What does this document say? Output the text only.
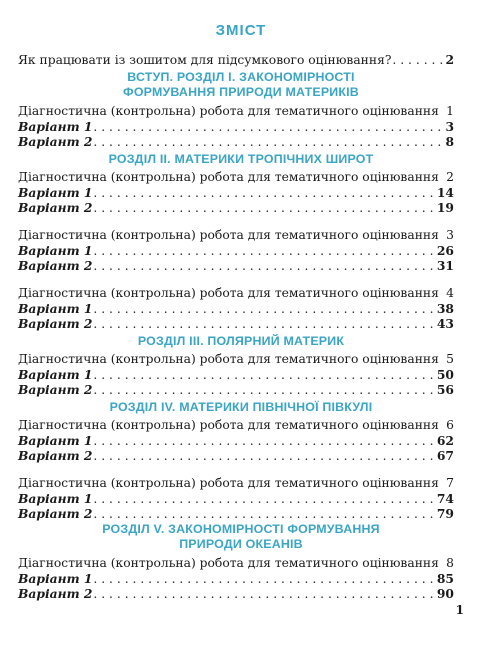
ЗМІСТ
Як працювати із зошитом для підсумкового оцінювання? . . .	2
ВСТУП. РОЗДІЛ І. ЗАКОНОМІРНОСТІ
ФОРМУВАННЯ ПРИРОДИ МАТЕРИКІВ
Діагностична (контрольна) робота для тематичного оцінювання 1
Варіант 1 . . .	3
Варіант 2 . . .	8
РОЗДІЛ ІІ. МАТЕРИКИ ТРОПІЧНИХ ШИРОТ
Діагностична (контрольна) робота для тематичного оцінювання 2
Варіант 1 . . .	14
Варіант 2 . . .	19
Діагностична (контрольна) робота для тематичного оцінювання 3
Варіант 1 . . .	26
Варіант 2 . . .	31
Діагностична (контрольна) робота для тематичного оцінювання 4
Варіант 1 . . .	38
Варіант 2 . . .	43
РОЗДІЛ ІІІ. ПОЛЯРНИЙ МАТЕРИК
Діагностична (контрольна) робота для тематичного оцінювання 5
Варіант 1 . . .	50
Варіант 2 . . .	56
РОЗДІЛ IV. МАТЕРИКИ ПІВНІЧНОЇ ПІВКУЛІ
Діагностична (контрольна) робота для тематичного оцінювання 6
Варіант 1 . . .	62
Варіант 2 . . .	67
Діагностична (контрольна) робота для тематичного оцінювання 7
Варіант 1 . . .	74
Варіант 2 . . .	79
РОЗДІЛ V. ЗАКОНОМІРНОСТІ ФОРМУВАННЯ
ПРИРОДИ ОКЕАНІВ
Діагностична (контрольна) робота для тематичного оцінювання 8
Варіант 1 . . .	85
Варіант 2 . . .	90
1
